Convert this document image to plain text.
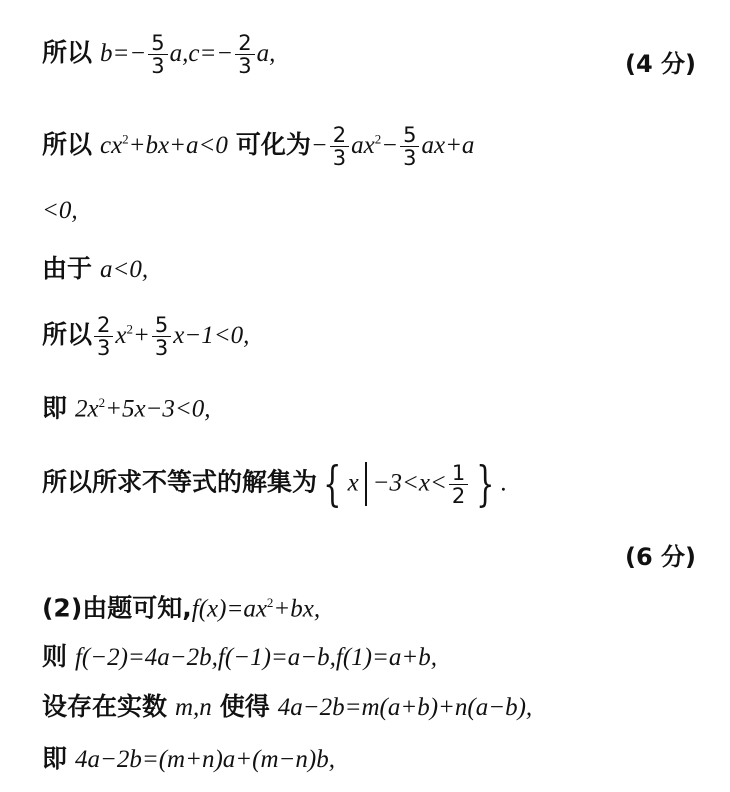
所以 $b=- \frac{5}{3} a,c=- \frac{2}{3} a$,	(4 分)
所以 $cx^2+bx+a<0$ 可化为− $\frac{2}{3} ax^2- \frac{5}{3} ax+a$
<0,
由于 a<0,
所以 $\frac{2}{3} x^2+ \frac{5}{3} x-1<0$,
即 $2x^2+5x-3<0$,
所以所求不等式的解集为 { $x -3<x< \frac{1}{2}$ } .
(6 分)
(2)由题可知$,f(x)=ax^2+bx$,
则 f(−2)=4a−2b,f(−1)=a−b,f(1)=a+b,
设存在实数 m,n 使得 4a−2b=m(a+b)+n(a−b),
即 4a−2b=(m+n)a+(m−n)b,
